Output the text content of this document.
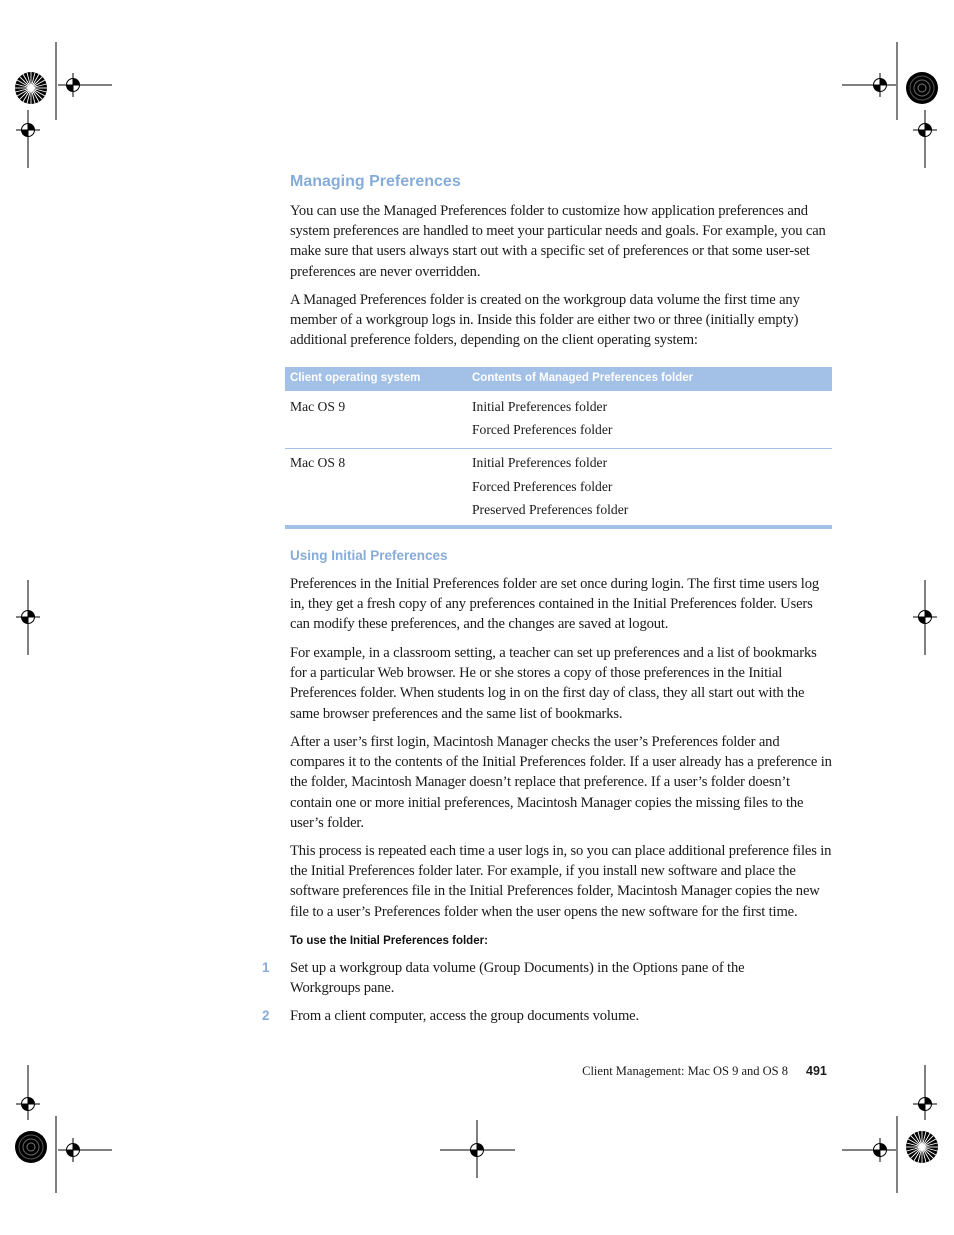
Managing Preferences

You can use the Managed Preferences folder to customize how application preferences and system preferences are handled to meet your particular needs and goals. For example, you can make sure that users always start out with a specific set of preferences or that some user-set preferences are never overridden.

A Managed Preferences folder is created on the workgroup data volume the first time any member of a workgroup logs in. Inside this folder are either two or three (initially empty) additional preference folders, depending on the client operating system:

Client operating system	Contents of Managed Preferences folder
Mac OS 9	Initial Preferences folder
Forced Preferences folder
Mac OS 8	Initial Preferences folder
Forced Preferences folder
Preserved Preferences folder
Using Initial Preferences

Preferences in the Initial Preferences folder are set once during login. The first time users log in, they get a fresh copy of any preferences contained in the Initial Preferences folder. Users can modify these preferences, and the changes are saved at logout.

For example, in a classroom setting, a teacher can set up preferences and a list of bookmarks for a particular Web browser. He or she stores a copy of those preferences in the Initial Preferences folder. When students log in on the first day of class, they all start out with the same browser preferences and the same list of bookmarks.

After a user’s first login, Macintosh Manager checks the user’s Preferences folder and compares it to the contents of the Initial Preferences folder. If a user already has a preference in the folder, Macintosh Manager doesn’t replace that preference. If a user’s folder doesn’t contain one or more initial preferences, Macintosh Manager copies the missing files to the user’s folder.

This process is repeated each time a user logs in, so you can place additional preference files in the Initial Preferences folder later. For example, if you install new software and place the software preferences file in the Initial Preferences folder, Macintosh Manager copies the new file to a user’s Preferences folder when the user opens the new software for the first time.

To use the Initial Preferences folder:

1 Set up a workgroup data volume (Group Documents) in the Options pane of the Workgroups pane.

2 From a client computer, access the group documents volume.

Client Management: Mac OS 9 and OS 8 491
